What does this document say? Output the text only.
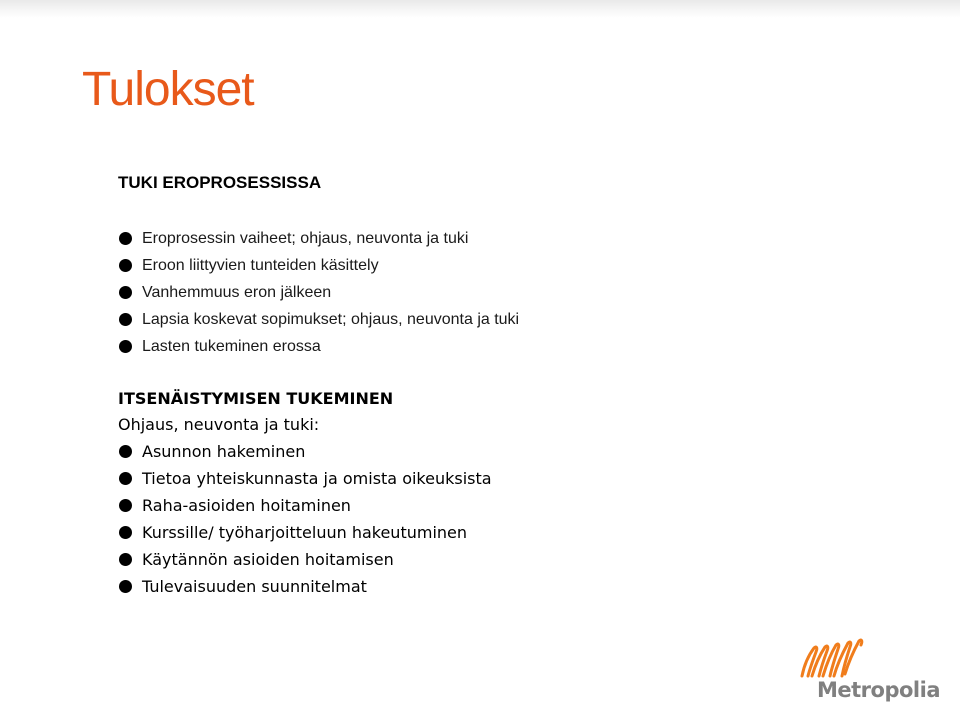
Tulokset
TUKI EROPROSESSISSA
Eroprosessin vaiheet; ohjaus, neuvonta ja tuki
Eroon liittyvien tunteiden käsittely
Vanhemmuus eron jälkeen
Lapsia koskevat sopimukset; ohjaus, neuvonta ja tuki
Lasten tukeminen erossa
ITSENÄISTYMISEN TUKEMINEN

Ohjaus, neuvonta ja tuki:

Asunnon hakeminen
Tietoa yhteiskunnasta ja omista oikeuksista
Raha-asioiden hoitaminen
Kurssille/ työharjoitteluun hakeutuminen
Käytännön asioiden hoitamisen
Tulevaisuuden suunnitelmat
Metropolia
